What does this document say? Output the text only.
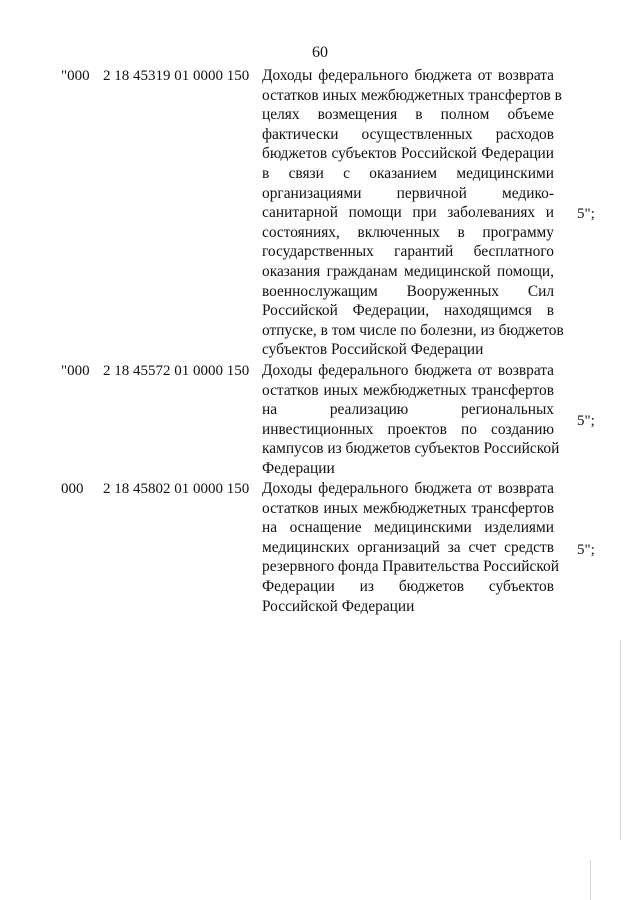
60
"000 2 18 45319 01 0000 150 Доходы федерального бюджета от возврата
остатков иных межбюджетных трансфертов в
целях возмещения в полном объеме
фактически осуществленных расходов
бюджетов субъектов Российской Федерации
в связи с оказанием медицинскими
организациями первичной медико-
санитарной помощи при заболеваниях и
состояниях, включенных в программу
государственных гарантий бесплатного
оказания гражданам медицинской помощи,
военнослужащим Вооруженных Сил
Российской Федерации, находящимся в
отпуске, в том числе по болезни, из бюджетов
субъектов Российской Федерации
5";
"000 2 18 45572 01 0000 150 Доходы федерального бюджета от возврата
остатков иных межбюджетных трансфертов
на реализацию региональных
инвестиционных проектов по созданию
кампусов из бюджетов субъектов Российской
Федерации
5";
000 2 18 45802 01 0000 150 Доходы федерального бюджета от возврата
остатков иных межбюджетных трансфертов
на оснащение медицинскими изделиями
медицинских организаций за счет средств
резервного фонда Правительства Российской
Федерации из бюджетов субъектов
Российской Федерации
5";
